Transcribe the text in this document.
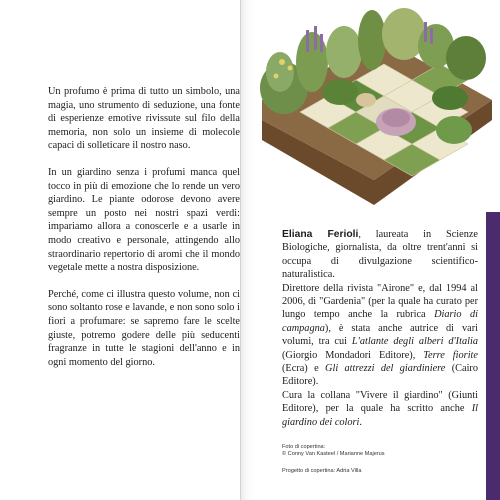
Un profumo è prima di tutto un simbolo, una magia, uno strumento di seduzione, una fonte di esperienze emotive rivissute sul filo della memoria, non solo un insieme di molecole capaci di solleticare il nostro naso.

In un giardino senza i profumi manca quel tocco in più di emozione che lo rende un vero giardino. Le piante odorose devono avere sempre un posto nei nostri spazi verdi: impariamo allora a conoscerle e a usarle in modo creativo e personale, attingendo allo straordinario repertorio di aromi che il mondo vegetale mette a nostra disposizione.

Perché, come ci illustra questo volume, non ci sono soltanto rose e lavande, e non sono solo i fiori a profumare: se sapremo fare le scelte giuste, potremo godere delle più seducenti fragranze in tutte le stagioni dell'anno e in ogni momento del giorno.

Eliana Ferioli, laureata in Scienze Biologiche, giornalista, da oltre trent'anni si occupa di divulgazione scientifico-naturalistica.

Direttore della rivista "Airone" e, dal 1994 al 2006, di "Gardenia" (per la quale ha curato per lungo tempo anche la rubrica Diario di campagna), è stata anche autrice di vari volumi, tra cui L'atlante degli alberi d'Italia (Giorgio Mondadori Editore), Terre fiorite (Ecra) e Gli attrezzi del giardiniere (Cairo Editore).

Cura la collana "Vivere il giardino" (Giunti Editore), per la quale ha scritto anche Il giardino dei colori.

Foto di copertina:
© Conny Van Kasteel / Marianne Majerus
Progetto di copertina: Adria Villa
